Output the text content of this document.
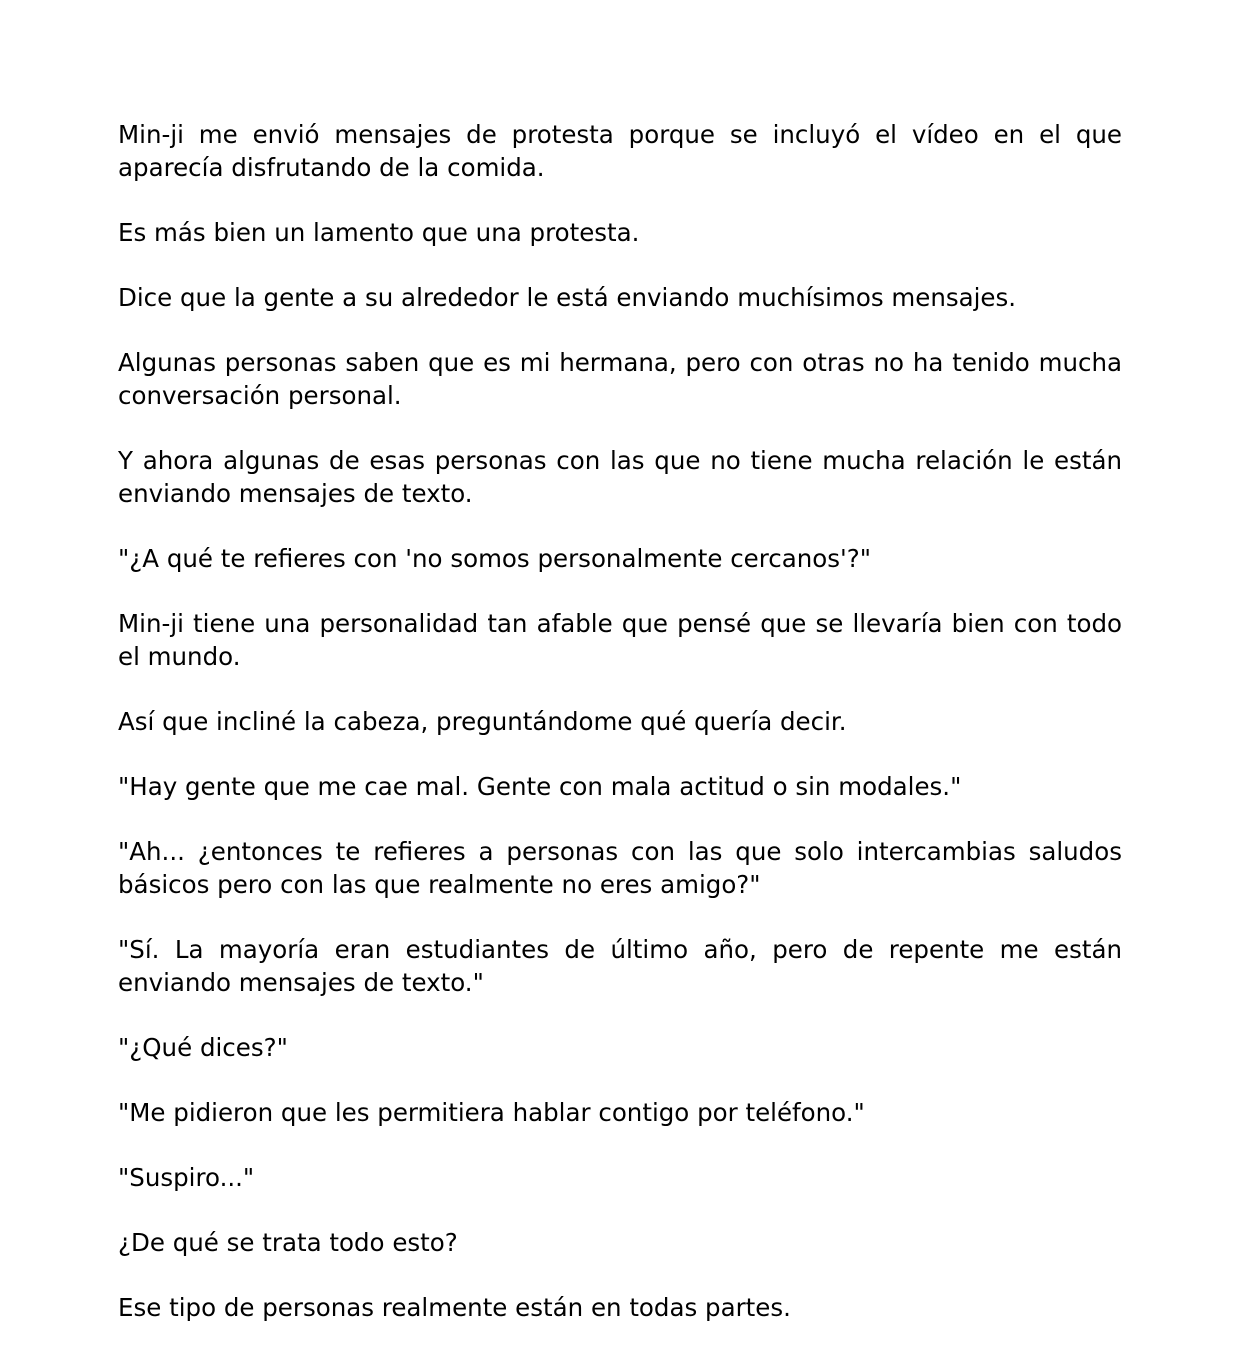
Min-ji me envió mensajes de protesta porque se incluyó el vídeo en el que aparecía disfrutando de la comida.

Es más bien un lamento que una protesta.

Dice que la gente a su alrededor le está enviando muchísimos mensajes.

Algunas personas saben que es mi hermana, pero con otras no ha tenido mucha conversación personal.

Y ahora algunas de esas personas con las que no tiene mucha relación le están enviando mensajes de texto.

"¿A qué te refieres con 'no somos personalmente cercanos'?"

Min-ji tiene una personalidad tan afable que pensé que se llevaría bien con todo el mundo.

Así que incliné la cabeza, preguntándome qué quería decir.

"Hay gente que me cae mal. Gente con mala actitud o sin modales."

"Ah... ¿entonces te refieres a personas con las que solo intercambias saludos básicos pero con las que realmente no eres amigo?"

"Sí. La mayoría eran estudiantes de último año, pero de repente me están enviando mensajes de texto."

"¿Qué dices?"

"Me pidieron que les permitiera hablar contigo por teléfono."

"Suspiro..."

¿De qué se trata todo esto?

Ese tipo de personas realmente están en todas partes.
